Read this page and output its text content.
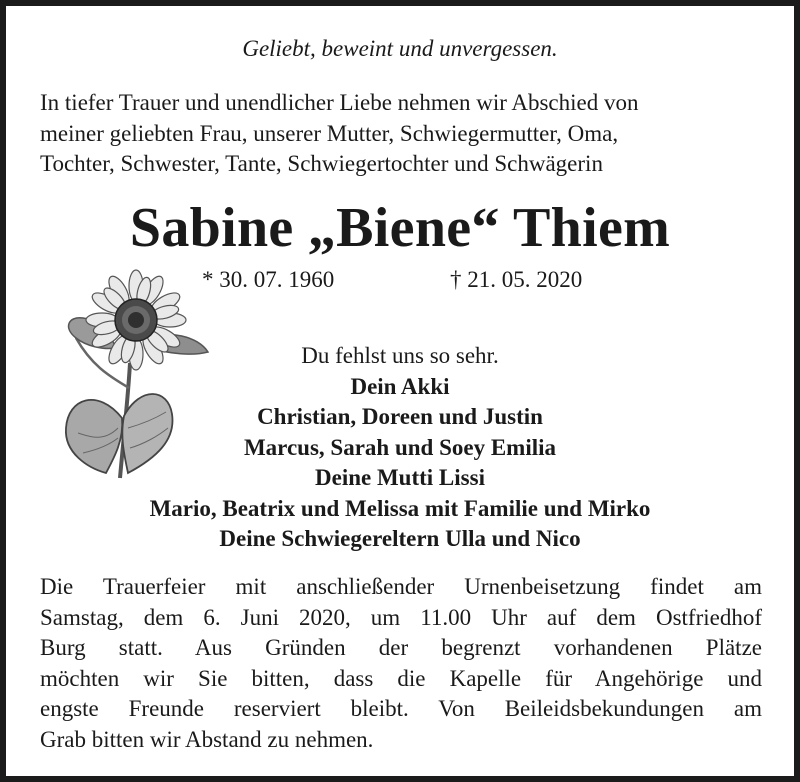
Geliebt, beweint und unvergessen.
In tiefer Trauer und unendlicher Liebe nehmen wir Abschied von
meiner geliebten Frau, unserer Mutter, Schwiegermutter, Oma,
Tochter, Schwester, Tante, Schwiegertochter und Schwägerin
Sabine „Biene“ Thiem
* 30. 07. 1960	† 21. 05. 2020
Du fehlst uns so sehr.
Dein Akki
Christian, Doreen und Justin
Marcus, Sarah und Soey Emilia
Deine Mutti Lissi
Mario, Beatrix und Melissa mit Familie und Mirko
Deine Schwiegereltern Ulla und Nico
Die Trauerfeier mit anschließender Urnenbeisetzung findet am
Samstag, dem 6. Juni 2020, um 11.00 Uhr auf dem Ostfriedhof
Burg statt. Aus Gründen der begrenzt vorhandenen Plätze
möchten wir Sie bitten, dass die Kapelle für Angehörige und
engste Freunde reserviert bleibt. Von Beileidsbekundungen am
Grab bitten wir Abstand zu nehmen.
